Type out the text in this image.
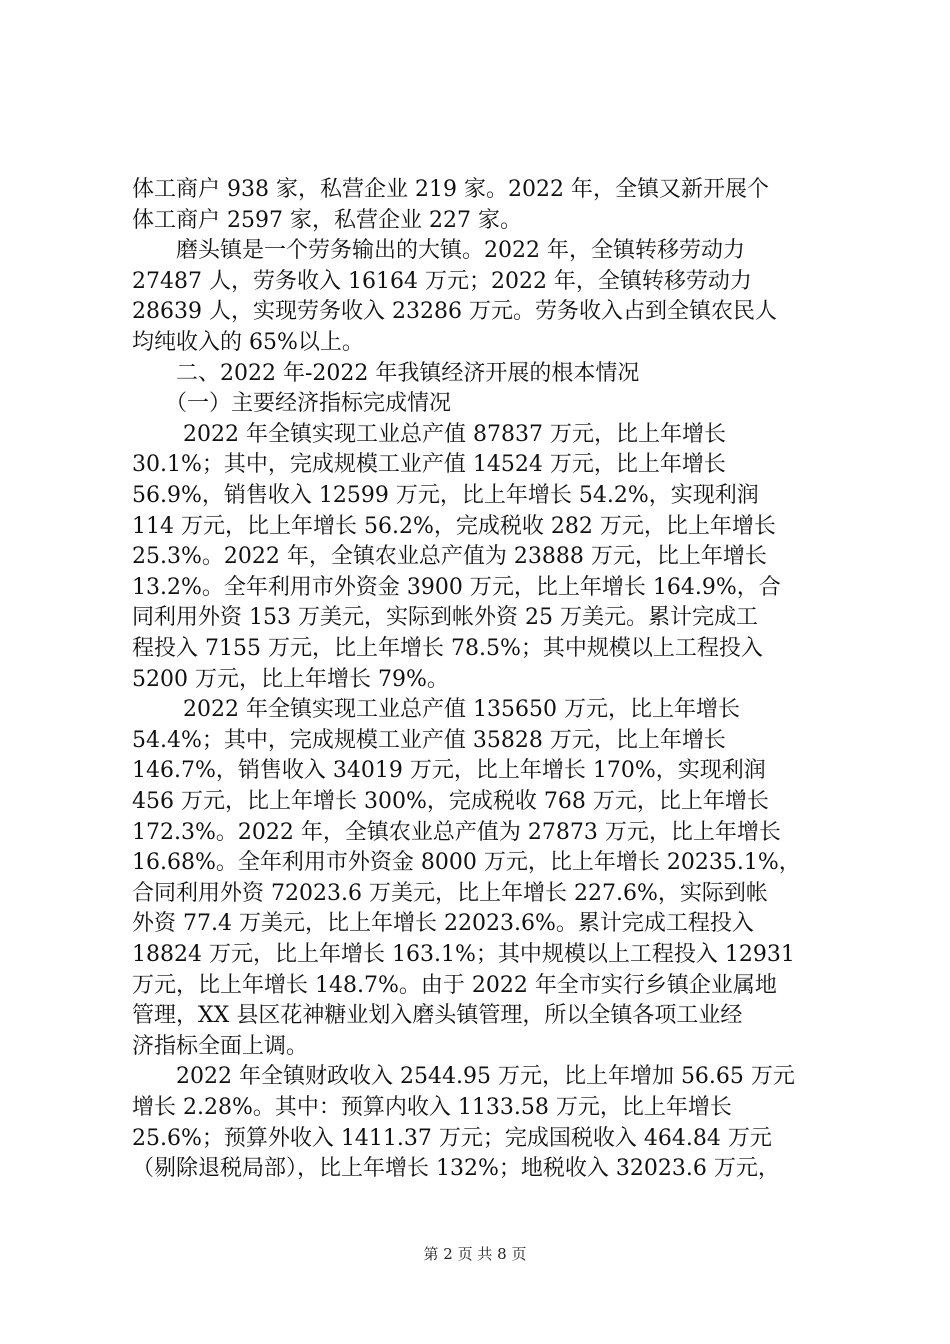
体工商户 938 家，私营企业 219 家。2022 年，全镇又新开展个
体工商户 2597 家，私营企业 227 家。
　　磨头镇是一个劳务输出的大镇。2022 年，全镇转移劳动力
27487 人，劳务收入 16164 万元；2022 年，全镇转移劳动力
28639 人，实现劳务收入 23286 万元。劳务收入占到全镇农民人
均纯收入的 65%以上。
　　二、2022 年-2022 年我镇经济开展的根本情况
　　（一）主要经济指标完成情况
　　 2022 年全镇实现工业总产值 87837 万元，比上年增长
30.1%；其中，完成规模工业产值 14524 万元，比上年增长
56.9%，销售收入 12599 万元，比上年增长 54.2%，实现利润
114 万元，比上年增长 56.2%，完成税收 282 万元，比上年增长
25.3%。2022 年，全镇农业总产值为 23888 万元，比上年增长
13.2%。全年利用市外资金 3900 万元，比上年增长 164.9%，合
同利用外资 153 万美元，实际到帐外资 25 万美元。累计完成工
程投入 7155 万元，比上年增长 78.5%；其中规模以上工程投入
5200 万元，比上年增长 79%。
　　 2022 年全镇实现工业总产值 135650 万元，比上年增长
54.4%；其中，完成规模工业产值 35828 万元，比上年增长
146.7%，销售收入 34019 万元，比上年增长 170%，实现利润
456 万元，比上年增长 300%，完成税收 768 万元，比上年增长
172.3%。2022 年，全镇农业总产值为 27873 万元，比上年增长
16.68%。全年利用市外资金 8000 万元，比上年增长 20235.1%，
合同利用外资 72023.6 万美元，比上年增长 227.6%，实际到帐
外资 77.4 万美元，比上年增长 22023.6%。累计完成工程投入
18824 万元，比上年增长 163.1%；其中规模以上工程投入 12931
万元，比上年增长 148.7%。由于 2022 年全市实行乡镇企业属地
管理，XX 县区花神糖业划入磨头镇管理，所以全镇各项工业经
济指标全面上调。
　　2022 年全镇财政收入 2544.95 万元，比上年增加 56.65 万元
增长 2.28%。其中：预算内收入 1133.58 万元，比上年增长
25.6%；预算外收入 1411.37 万元；完成国税收入 464.84 万元
（剔除退税局部），比上年增长 132%；地税收入 32023.6 万元，
第 2 页 共 8 页
